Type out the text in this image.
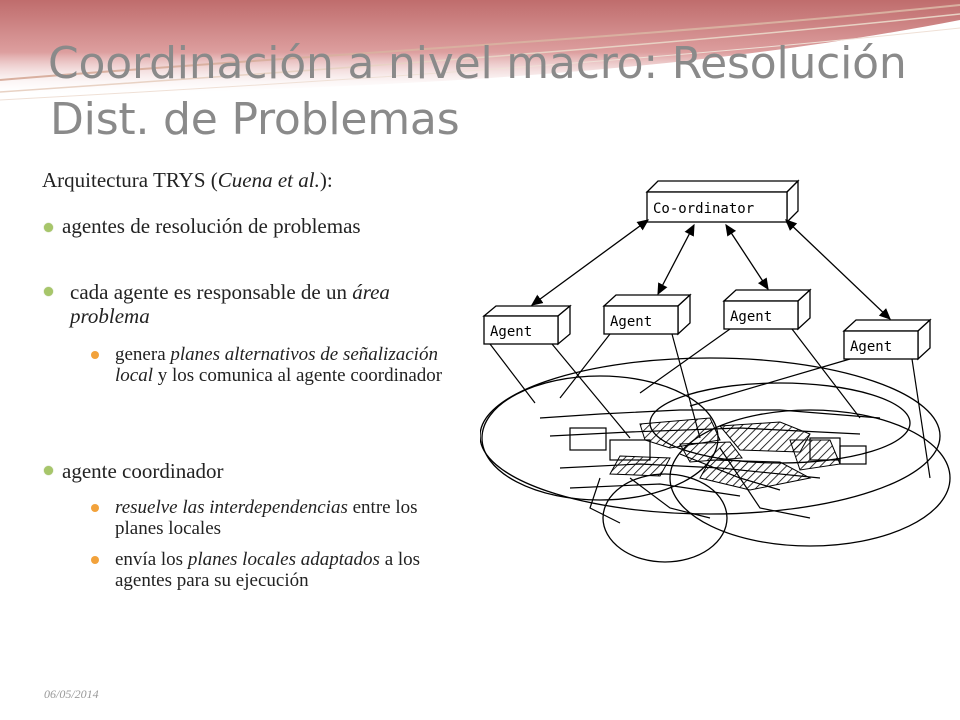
Coordinación a nivel macro: Resolución
Dist. de Problemas
Arquitectura TRYS (Cuena et al.):
agentes de resolución de problemas
cada agente es responsable de un área problema
genera planes alternativos de señalización local y los comunica al agente coordinador
agente coordinador
resuelve las interdependencias entre los planes locales
envía los planes locales adaptados a los agentes para su ejecución
06/05/2014
Co-ordinator
Agent
Agent	Agent
Agent
